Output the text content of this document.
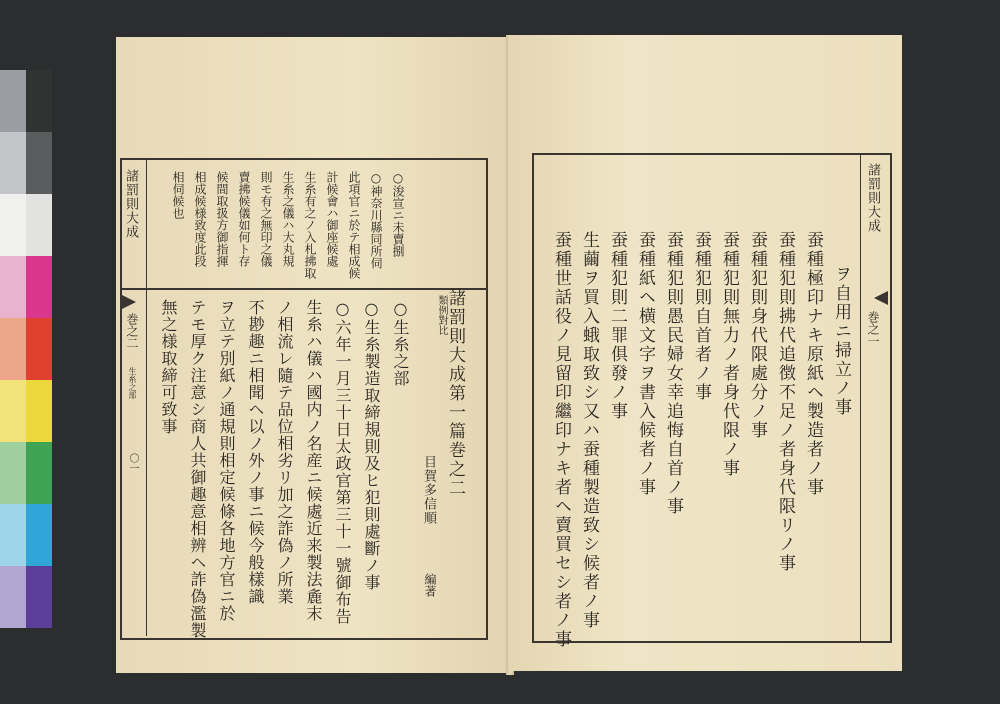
諸罰則大成
巻之二
生糸之部
〇一
○浚宣ニ未賣捌
○神奈川縣同所伺
此項官ニ於テ相成候
計候會ハ御座候處
生糸有之ノ入札拂取
生糸之儀ハ大丸規
則モ有之無印之儀
賣拂候儀如何ト存
候間取扱方御指揮
相成候様致度此段
相伺候也
類例對比
諸罰則大成第一篇巻之二
目賀多信順
編著
○生糸之部
○生糸製造取締規則及ヒ犯則處斷ノ事
○六年一月三十日太政官第三十一號御布告
生糸ハ儀ハ國内ノ名産ニ候處近来製法麁末
ノ相流レ隨テ品位相劣リ加之詐偽ノ所業
不尠趣ニ相聞ヘ以ノ外ノ事ニ候今般樣識
ヲ立テ別紙ノ通規則相定候條各地方官ニ於
テモ厚ク注意シ商人共御趣意相辨ヘ詐偽濫製
無之様取締可致事
諸罰則大成
巻之一
ヲ自用ニ掃立ノ事
蚕種極印ナキ原紙ヘ製造者ノ事
蚕種犯則拂代追徴不足ノ者身代限リノ事
蚕種犯則身代限處分ノ事
蚕種犯則無力ノ者身代限ノ事
蚕種犯則自首者ノ事
蚕種犯則愚民婦女幸追悔自首ノ事
蚕種紙ヘ横文字ヲ書入候者ノ事
蚕種犯則二罪俱發ノ事
生繭ヲ買入蛾取致シ又ハ蚕種製造致シ候者ノ事
蚕種世話役ノ見留印繼印ナキ者ヘ賣買セシ者ノ事
